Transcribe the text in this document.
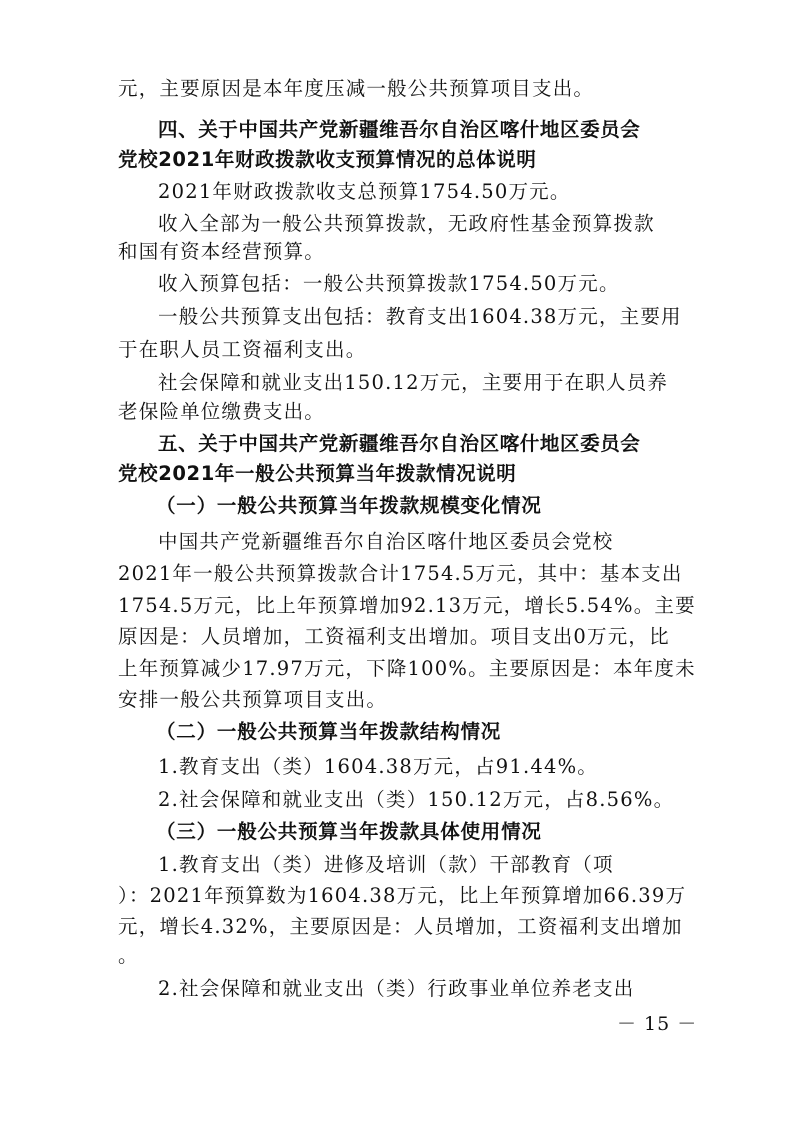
元，主要原因是本年度压减一般公共预算项目支出。
四、关于中国共产党新疆维吾尔自治区喀什地区委员会
党校2021年财政拨款收支预算情况的总体说明
2021年财政拨款收支总预算1754.50万元。
收入全部为一般公共预算拨款，无政府性基金预算拨款
和国有资本经营预算。
收入预算包括：一般公共预算拨款1754.50万元。
一般公共预算支出包括：教育支出1604.38万元，主要用
于在职人员工资福利支出。
社会保障和就业支出150.12万元，主要用于在职人员养
老保险单位缴费支出。
五、关于中国共产党新疆维吾尔自治区喀什地区委员会
党校2021年一般公共预算当年拨款情况说明
（一）一般公共预算当年拨款规模变化情况
中国共产党新疆维吾尔自治区喀什地区委员会党校
2021年一般公共预算拨款合计1754.5万元，其中：基本支出
1754.5万元，比上年预算增加92.13万元，增长5.54%。主要
原因是：人员增加，工资福利支出增加。项目支出0万元，比
上年预算减少17.97万元，下降100%。主要原因是：本年度未
安排一般公共预算项目支出。
（二）一般公共预算当年拨款结构情况
1.教育支出（类）1604.38万元，占91.44%。
2.社会保障和就业支出（类）150.12万元，占8.56%。
（三）一般公共预算当年拨款具体使用情况
1.教育支出（类）进修及培训（款）干部教育（项
）：2021年预算数为1604.38万元，比上年预算增加66.39万
元，增长4.32%，主要原因是：人员增加，工资福利支出增加
。
2.社会保障和就业支出（类）行政事业单位养老支出
－ 15 －
